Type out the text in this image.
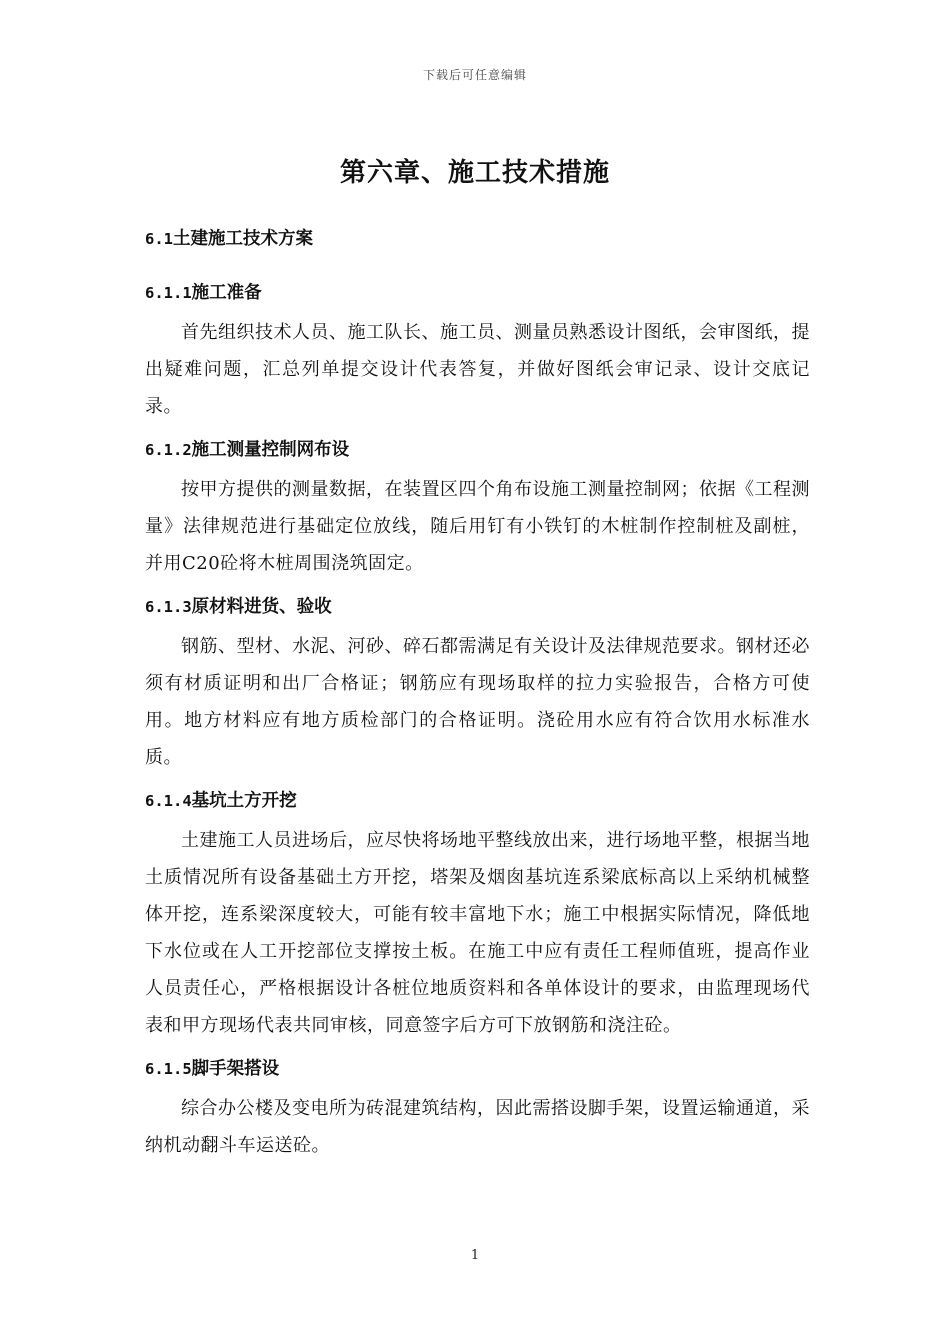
下载后可任意编辑
第六章、施工技术措施
6.1土建施工技术方案
6.1.1施工准备

首先组织技术人员、施工队长、施工员、测量员熟悉设计图纸，会审图纸，提出疑难问题，汇总列单提交设计代表答复，并做好图纸会审记录、设计交底记录。

6.1.2施工测量控制网布设

按甲方提供的测量数据，在装置区四个角布设施工测量控制网；依据《工程测量》法律规范进行基础定位放线，随后用钉有小铁钉的木桩制作控制桩及副桩，并用C20砼将木桩周围浇筑固定。

6.1.3原材料进货、验收

钢筋、型材、水泥、河砂、碎石都需满足有关设计及法律规范要求。钢材还必须有材质证明和出厂合格证；钢筋应有现场取样的拉力实验报告，合格方可使用。地方材料应有地方质检部门的合格证明。浇砼用水应有符合饮用水标准水质。

6.1.4基坑土方开挖

土建施工人员进场后，应尽快将场地平整线放出来，进行场地平整，根据当地土质情况所有设备基础土方开挖，塔架及烟囱基坑连系梁底标高以上采纳机械整体开挖，连系梁深度较大，可能有较丰富地下水；施工中根据实际情况，降低地下水位或在人工开挖部位支撑按土板。在施工中应有责任工程师值班，提高作业人员责任心，严格根据设计各桩位地质资料和各单体设计的要求，由监理现场代表和甲方现场代表共同审核，同意签字后方可下放钢筋和浇注砼。

6.1.5脚手架搭设

综合办公楼及变电所为砖混建筑结构，因此需搭设脚手架，设置运输通道，采纳机动翻斗车运送砼。

1
